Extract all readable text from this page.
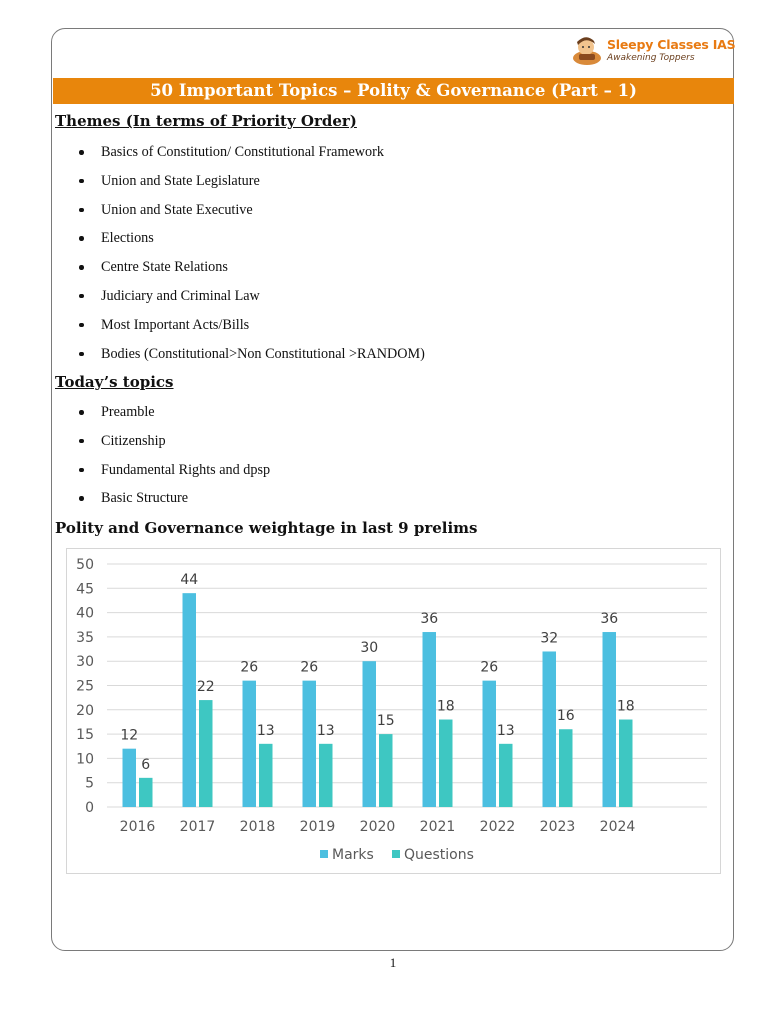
Sleepy Classes IAS
Awakening Toppers
50 Important Topics – Polity & Governance (Part – 1)
Themes (In terms of Priority Order)
Basics of Constitution/ Constitutional Framework
Union and State Legislature
Union and State Executive
Elections
Centre State Relations
Judiciary and Criminal Law
Most Important Acts/Bills
Bodies (Constitutional>Non Constitutional >RANDOM)
Today’s topics
Preamble
Citizenship
Fundamental Rights and dpsp
Basic Structure
Polity and Governance weightage in last 9 prelims
0
5
10
15
20
25
30
35
40
45
50
12
6
2016
44
22
2017
26
13
2018
26
13
2019
30
15
2020
36
18
2021
26
13
2022
32
16
2023
36
18
2024
Marks Questions
1
